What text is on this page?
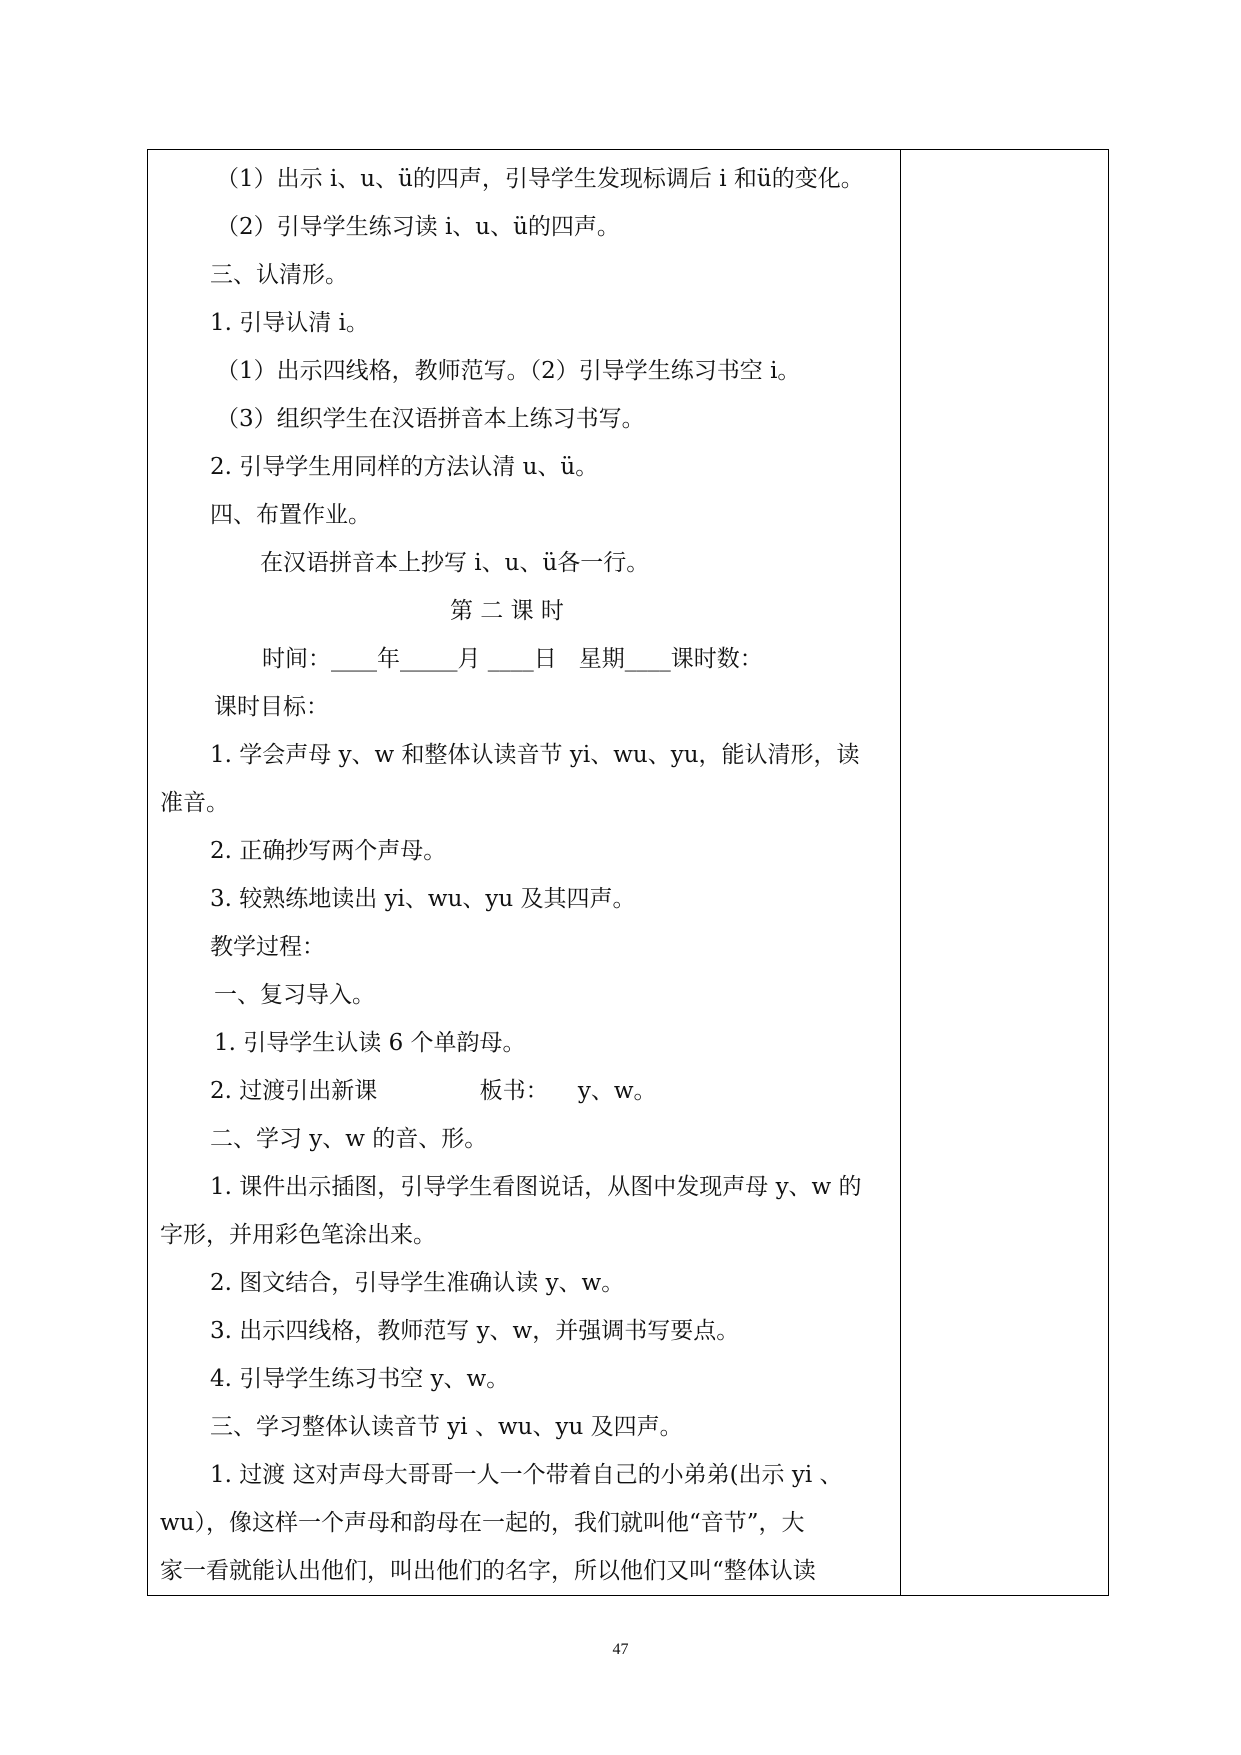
（1）出示 i、u、ü的四声，引导学生发现标调后 i 和ü的变化。
（2）引导学生练习读 i、u、ü的四声。
三、认清形。
1. 引导认清 i。
（1）出示四线格，教师范写。（2）引导学生练习书空 i。
（3）组织学生在汉语拼音本上练习书写。
2. 引导学生用同样的方法认清 u、ü。
四、布置作业。
在汉语拼音本上抄写 i、u、ü各一行。
第 二 课 时
时间：____年_____月 ____日   星期____课时数：
课时目标：
1. 学会声母 y、w 和整体认读音节 yi、wu、yu，能认清形，读
准音。
2. 正确抄写两个声母。
3. 较熟练地读出 yi、wu、yu 及其四声。
教学过程：
一、复习导入。
1. 引导学生认读 6 个单韵母。
2. 过渡引出新课              板书：    y、w。
二、学习 y、w 的音、形。
1. 课件出示插图，引导学生看图说话，从图中发现声母 y、w 的
字形，并用彩色笔涂出来。
2. 图文结合，引导学生准确认读 y、w。
3. 出示四线格，教师范写 y、w，并强调书写要点。
4. 引导学生练习书空 y、w。
三、学习整体认读音节 yi 、wu、yu 及四声。
1. 过渡 这对声母大哥哥一人一个带着自己的小弟弟(出示 yi 、
wu），像这样一个声母和韵母在一起的，我们就叫他“音节”，大
家一看就能认出他们，叫出他们的名字，所以他们又叫“整体认读
47
